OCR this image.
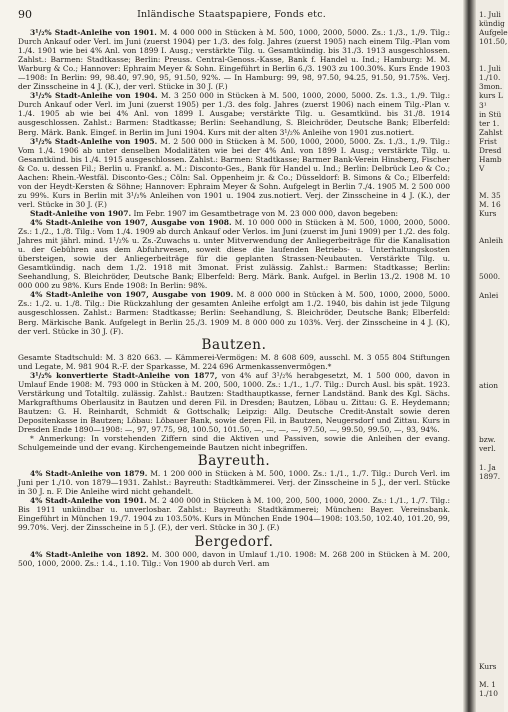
90	Inländische Staatspapiere, Fonds etc.

3¹/₂% Stadt-Anleihe von 1901. M. 4 000 000 in Stücken à M. 500, 1000, 2000, 5000. Zs.: 1./3., 1./9. Tilg.: Durch Ankauf oder Verl. im Juni (zuerst 1904) per 1./3. des folg. Jahres (zuerst 1905) nach einem Tilg.-Plan vom 1./4. 1901 wie bei 4% Anl. von 1899 I. Ausg.; verstärkte Tilg. u. Gesamtkündig. bis 31./3. 1913 ausgeschlossen. Zahlst.: Barmen: Stadtkasse; Berlin: Preuss. Central-Genoss.-Kasse, Bank f. Handel u. Ind.; Hamburg: M. M. Warburg & Co.; Hannover: Ephraim Meyer & Sohn. Eingeführt in Berlin 6./3. 1903 zu 100.30%. Kurs Ende 1903—1908: In Berlin: 99, 98.40, 97.90, 95, 91.50, 92%. — In Hamburg: 99, 98, 97.50, 94.25, 91.50, 91.75%. Verj. der Zinsscheine in 4 J. (K.), der verl. Stücke in 30 J. (F.)

3¹/₂% Stadt-Anleihe von 1904. M. 3 250 000 in Stücken à M. 500, 1000, 2000, 5000. Zs. 1.3., 1./9. Tilg.: Durch Ankauf oder Verl. im Juni (zuerst 1905) per 1./3. des folg. Jahres (zuerst 1906) nach einem Tilg.-Plan v. 1./4. 1905 ab wie bei 4% Anl. von 1899 I. Ausgabe; verstärkte Tilg. u. Gesamtkünd. bis 31./8. 1914 ausgeschlossen. Zahlst.: Barmen: Stadtkasse; Berlin: Seehandlung, S. Bleichröder, Deutsche Bank; Elberfeld: Berg. Märk. Bank. Eingef. in Berlin im Juni 1904. Kurs mit der alten 3¹/₂% Anleihe von 1901 zus.notiert.

3¹/₂% Stadt-Anleihe von 1905. M. 2 500 000 in Stücken à M. 500, 1000, 2000, 5000. Zs. 1./3., 1./9. Tilg.: Vom 1./4. 1906 ab unter denselben Modalitäten wie bei der 4% Anl. von 1899 I. Ausg.; verstärkte Tilg. u. Gesamtkünd. bis 1./4. 1915 ausgeschlossen. Zahlst.: Barmen: Stadtkasse; Barmer Bank-Verein Hinsberg, Fischer & Co. u. dessen Fil.; Berlin u. Frankf. a. M.: Disconto-Ges., Bank für Handel u. Ind.; Berlin: Delbrück Leo & Co.; Aachen: Rhein.-Westfäl. Disconto-Ges.; Cöln: Sal. Oppenheim jr. & Co.; Düsseldorf: B. Simons & Co.; Elberfeld: von der Heydt-Kersten & Söhne; Hannover: Ephraim Meyer & Sohn. Aufgelegt in Berlin 7./4. 1905 M. 2 500 000 zu 99%. Kurs in Berlin mit 3¹/₂% Anleihen von 1901 u. 1904 zus.notiert. Verj. der Zinsscheine in 4 J. (K.), der verl. Stücke in 30 J. (F.)

Stadt-Anleihe von 1907. Im Febr. 1907 im Gesamtbetrage von M. 23 000 000, davon begeben:

4% Stadt-Anleihe von 1907, Ausgabe von 1908. M. 10 000 000 in Stücken à M. 500, 1000, 2000, 5000. Zs.: 1./2., 1./8. Tilg.: Vom 1./4. 1909 ab durch Ankauf oder Verlos. im Juni (zuerst im Juni 1909) per 1./2. des folg. Jahres mit jährl. mind. 1¹/₂% u. Zs.-Zuwachs u. unter Mitverwendung der Anliegerbeiträge für die Kanalisation u. der Gebühren aus dem Abfuhrwesen, soweit diese die laufenden Betriebs- u. Unterhaltungskosten übersteigen, sowie der Anliegerbeiträge für die geplanten Strassen-Neubauten. Verstärkte Tilg. u. Gesamtkündig. nach dem 1./2. 1918 mit 3monat. Frist zulässig. Zahlst.: Barmen: Stadtkasse; Berlin: Seehandlung, S. Bleichröder, Deutsche Bank; Elberfeld: Berg. Märk. Bank. Aufgel. in Berlin 13./2. 1908 M. 10 000 000 zu 98%. Kurs Ende 1908: In Berlin: 98%.

4% Stadt-Anleihe von 1907, Ausgabe von 1909. M. 8 000 000 in Stücken à M. 500, 1000, 2000, 5000. Zs.: 1./2. u. 1./8. Tilg.: Die Rückzahlung der gesamten Anleihe erfolgt am 1./2. 1940, bis dahin ist jede Tilgung ausgeschlossen. Zahlst.: Barmen: Stadtkasse; Berlin: Seehandlung, S. Bleichröder, Deutsche Bank; Elberfeld: Berg. Märkische Bank. Aufgelegt in Berlin 25./3. 1909 M. 8 000 000 zu 103%. Verj. der Zinsscheine in 4 J. (K), der verl. Stücke in 30 J. (F).

Bautzen.

Gesamte Stadtschuld: M. 3 820 663. — Kämmerei-Vermögen: M. 8 608 609, ausschl. M. 3 055 804 Stiftungen und Legate, M. 981 904 R.-F. der Sparkasse, M. 224 696 Armenkassenvermögen.*

3¹/₂% konvertierte Stadt-Anleihe von 1877, von 4% auf 3¹/₂% herabgesetzt, M. 1 500 000, davon in Umlauf Ende 1908: M. 793 000 in Stücken à M. 200, 500, 1000. Zs.: 1./1., 1./7. Tilg.: Durch Ausl. bis spät. 1923. Verstärkung und Totaltilg. zulässig. Zahlst.: Bautzen: Stadthauptkasse, ferner Landständ. Bank des Kgl. Sächs. Markgrafthums Oberlausitz in Bautzen und deren Fil. in Dresden; Bautzen, Löbau u. Zittau: G. E. Heydemann; Bautzen: G. H. Reinhardt, Schmidt & Gottschalk; Leipzig: Allg. Deutsche Credit-Anstalt sowie deren Depositenkasse in Bautzen; Löbau: Löbauer Bank, sowie deren Fil. in Bautzen, Neugersdorf und Zittau. Kurs in Dresden Ende 1890—1908: —, 97, 97.75, 98, 100.50, 101.50, —, —, —, —, 97.50, —, 99.50, 99.50, —, 93, 94%.

* Anmerkung: In vorstehenden Ziffern sind die Aktiven und Passiven, sowie die Anleihen der evang. Schulgemeinde und der evang. Kirchengemeinde Bautzen nicht inbegriffen.

Bayreuth.

4% Stadt-Anleihe von 1879. M. 1 200 000 in Stücken à M. 500, 1000. Zs.: 1./1., 1./7. Tilg.: Durch Verl. im Juni per 1./10. von 1879—1931. Zahlst.: Bayreuth: Stadtkämmerei. Verj. der Zinsscheine in 5 J., der verl. Stücke in 30 J. n. F. Die Anleihe wird nicht gehandelt.

4% Stadt-Anleihe von 1901. M. 2 400 000 in Stücken à M. 100, 200, 500, 1000, 2000. Zs.: 1./1., 1./7. Tilg.: Bis 1911 unkündbar u. unverlosbar. Zahlst.: Bayreuth: Stadtkämmerei; München: Bayer. Vereinsbank. Eingeführt in München 19./7. 1904 zu 103.50%. Kurs in München Ende 1904—1908: 103.50, 102.40, 101.20, 99, 99.70%. Verj. der Zinsscheine in 5 J. (F.), der verl. Stücke in 30 J. (F.)

Bergedorf.

4% Stadt-Anleihe von 1892. M. 300 000, davon in Umlauf 1./10. 1908: M. 268 200 in Stücken à M. 200, 500, 1000, 2000. Zs.: 1.4., 1.10. Tilg.: Von 1900 ab durch Verl. am

1. Juli
kündig
Aufgele
101.50,
1. Juli
1./10.
3mon.
kurs L
3¹
in Stü
ter 1.
Zahlst
Frist
Dresd
Hamb
V
M. 35
M. 16
Kurs
Anleih
5000.
Anlei
ation
bzw.
verl.
1. Ja
1897.
Kurs
M. 1
1./10
